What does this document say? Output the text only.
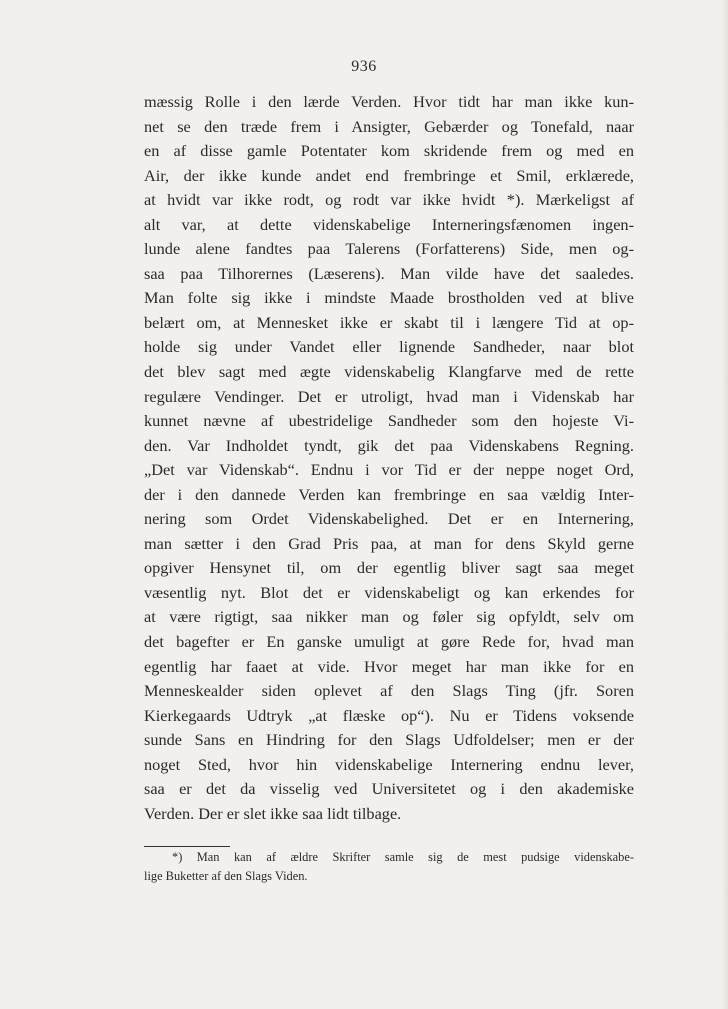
936
mæssig Rolle i den lærde Verden. Hvor tidt har man ikke kun-
net se den træde frem i Ansigter, Gebærder og Tonefald, naar
en af disse gamle Potentater kom skridende frem og med en
Air, der ikke kunde andet end frembringe et Smil, erklærede,
at hvidt var ikke rodt, og rodt var ikke hvidt *). Mærkeligst af
alt var, at dette videnskabelige Interneringsfænomen ingen-
lunde alene fandtes paa Talerens (Forfatterens) Side, men og-
saa paa Tilhorernes (Læserens). Man vilde have det saaledes.
Man folte sig ikke i mindste Maade brostholden ved at blive
belært om, at Mennesket ikke er skabt til i længere Tid at op-
holde sig under Vandet eller lignende Sandheder, naar blot
det blev sagt med ægte videnskabelig Klangfarve med de rette
regulære Vendinger. Det er utroligt, hvad man i Videnskab har
kunnet nævne af ubestridelige Sandheder som den hojeste Vi-
den. Var Indholdet tyndt, gik det paa Videnskabens Regning.
„Det var Videnskab“. Endnu i vor Tid er der neppe noget Ord,
der i den dannede Verden kan frembringe en saa vældig Inter-
nering som Ordet Videnskabelighed. Det er en Internering,
man sætter i den Grad Pris paa, at man for dens Skyld gerne
opgiver Hensynet til, om der egentlig bliver sagt saa meget
væsentlig nyt. Blot det er videnskabeligt og kan erkendes for
at være rigtigt, saa nikker man og føler sig opfyldt, selv om
det bagefter er En ganske umuligt at gøre Rede for, hvad man
egentlig har faaet at vide. Hvor meget har man ikke for en
Menneskealder siden oplevet af den Slags Ting (jfr. Soren
Kierkegaards Udtryk „at flæske op“). Nu er Tidens voksende
sunde Sans en Hindring for den Slags Udfoldelser; men er der
noget Sted, hvor hin videnskabelige Internering endnu lever,
saa er det da visselig ved Universitetet og i den akademiske
Verden. Der er slet ikke saa lidt tilbage.
*) Man kan af ældre Skrifter samle sig de mest pudsige videnskabe-
lige Buketter af den Slags Viden.
